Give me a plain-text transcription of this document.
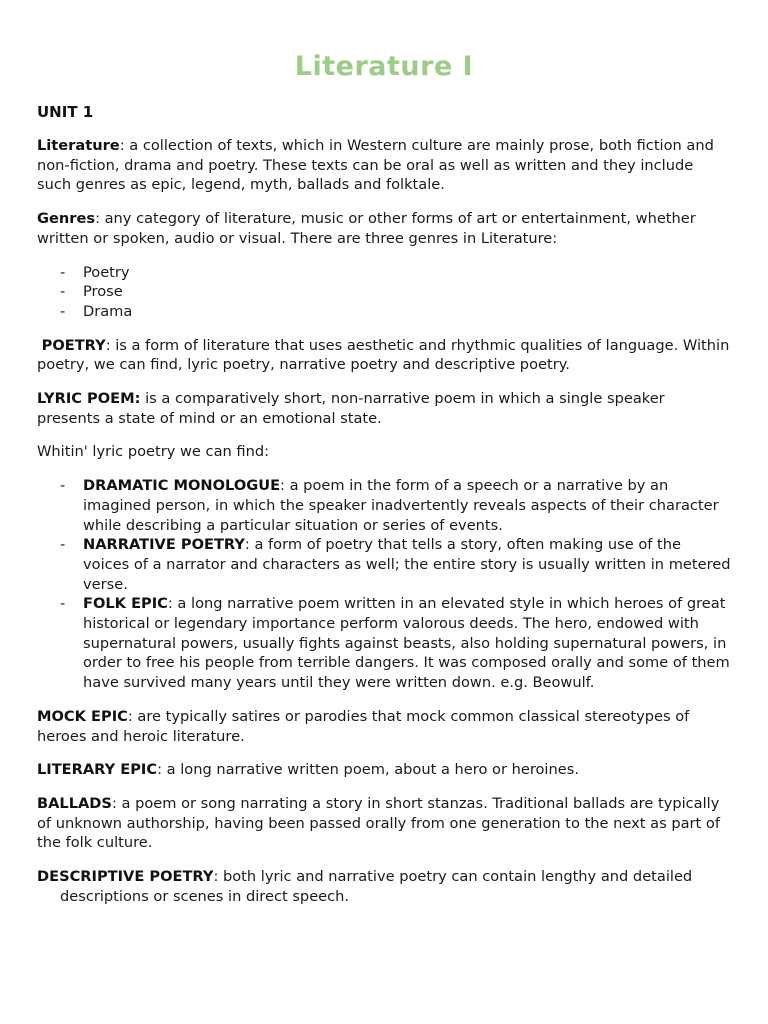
Literature I
UNIT 1

Literature: a collection of texts, which in Western culture are mainly prose, both fiction and non-fiction, drama and poetry. These texts can be oral as well as written and they include such genres as epic, legend, myth, ballads and folktale.

Genres: any category of literature, music or other forms of art or entertainment, whether written or spoken, audio or visual. There are three genres in Literature:

- Poetry
- Prose
- Drama

POETRY: is a form of literature that uses aesthetic and rhythmic qualities of language. Within poetry, we can find, lyric poetry, narrative poetry and descriptive poetry.

LYRIC POEM: is a comparatively short, non-narrative poem in which a single speaker presents a state of mind or an emotional state.

Whitin' lyric poetry we can find:

- DRAMATIC MONOLOGUE: a poem in the form of a speech or a narrative by an imagined person, in which the speaker inadvertently reveals aspects of their character while describing a particular situation or series of events.
- NARRATIVE POETRY: a form of poetry that tells a story, often making use of the voices of a narrator and characters as well; the entire story is usually written in metered verse.
- FOLK EPIC: a long narrative poem written in an elevated style in which heroes of great historical or legendary importance perform valorous deeds. The hero, endowed with supernatural powers, usually fights against beasts, also holding supernatural powers, in order to free his people from terrible dangers. It was composed orally and some of them have survived many years until they were written down. e.g. Beowulf.

MOCK EPIC: are typically satires or parodies that mock common classical stereotypes of heroes and heroic literature.

LITERARY EPIC: a long narrative written poem, about a hero or heroines.

BALLADS: a poem or song narrating a story in short stanzas. Traditional ballads are typically of unknown authorship, having been passed orally from one generation to the next as part of the folk culture.

DESCRIPTIVE POETRY: both lyric and narrative poetry can contain lengthy and detailed descriptions or scenes in direct speech.
